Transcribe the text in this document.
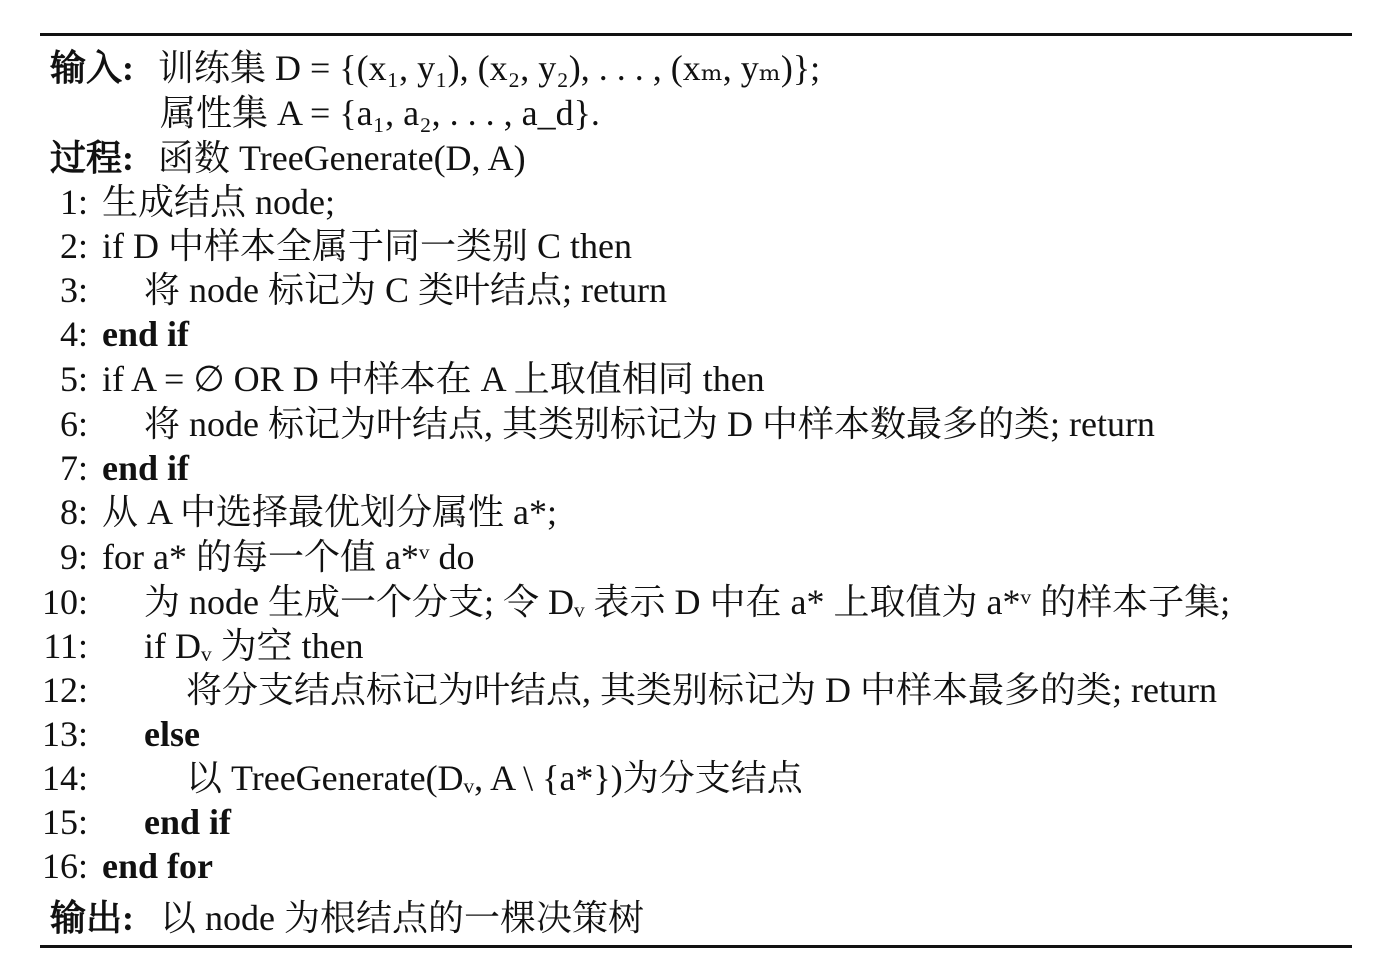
输入: 训练集 D = {(x₁, y₁), (x₂, y₂), . . . , (xₘ, yₘ)};
属性集 A = {a₁, a₂, . . . , a_d}.
过程: 函数 TreeGenerate(D, A)
1: 生成结点 node;
2: if D 中样本全属于同一类别 C then
3: 将 node 标记为 C 类叶结点; return
4: end if
5: if A = ∅ OR D 中样本在 A 上取值相同 then
6: 将 node 标记为叶结点, 其类别标记为 D 中样本数最多的类; return
7: end if
8: 从 A 中选择最优划分属性 a*;
9: for a* 的每一个值 a*ᵛ do
10: 为 node 生成一个分支; 令 Dᵥ 表示 D 中在 a* 上取值为 a*ᵛ 的样本子集;
11: if Dᵥ 为空 then
12:	将分支结点标记为叶结点, 其类别标记为 D 中样本最多的类; return
13: else
14:	以 TreeGenerate(Dᵥ, A \ {a*})为分支结点
15: end if
16: end for
输出: 以 node 为根结点的一棵决策树
